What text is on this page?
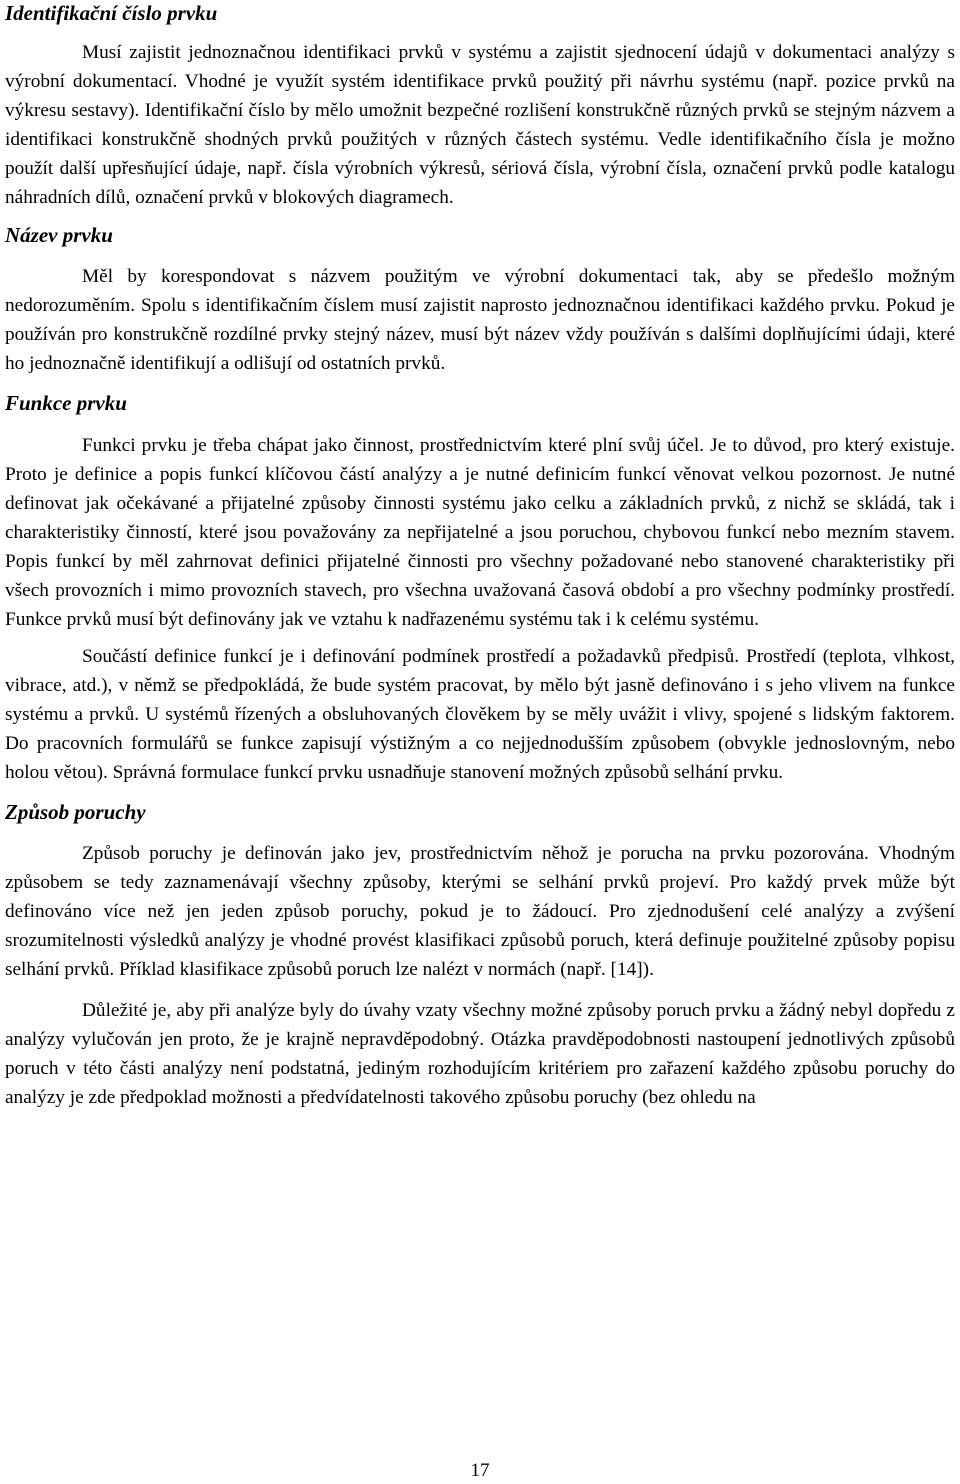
Identifikační číslo prvku

Musí zajistit jednoznačnou identifikaci prvků v systému a zajistit sjednocení údajů v dokumentaci analýzy s výrobní dokumentací. Vhodné je využít systém identifikace prvků použitý při návrhu systému (např. pozice prvků na výkresu sestavy). Identifikační číslo by mělo umožnit bezpečné rozlišení konstrukčně různých prvků se stejným názvem a identifikaci konstrukčně shodných prvků použitých v různých částech systému. Vedle identifikačního čísla je možno použít další upřesňující údaje, např. čísla výrobních výkresů, sériová čísla, výrobní čísla, označení prvků podle katalogu náhradních dílů, označení prvků v blokových diagramech.

Název prvku

Měl by korespondovat s názvem použitým ve výrobní dokumentaci tak, aby se předešlo možným nedorozuměním. Spolu s identifikačním číslem musí zajistit naprosto jednoznačnou identifikaci každého prvku. Pokud je používán pro konstrukčně rozdílné prvky stejný název, musí být název vždy používán s dalšími doplňujícími údaji, které ho jednoznačně identifikují a odlišují od ostatních prvků.

Funkce prvku

Funkci prvku je třeba chápat jako činnost, prostřednictvím které plní svůj účel. Je to důvod, pro který existuje. Proto je definice a popis funkcí klíčovou částí analýzy a je nutné definicím funkcí věnovat velkou pozornost. Je nutné definovat jak očekávané a přijatelné způsoby činnosti systému jako celku a základních prvků, z nichž se skládá, tak i charakteristiky činností, které jsou považovány za nepřijatelné a jsou poruchou, chybovou funkcí nebo mezním stavem. Popis funkcí by měl zahrnovat definici přijatelné činnosti pro všechny požadované nebo stanovené charakteristiky při všech provozních i mimo provozních stavech, pro všechna uvažovaná časová období a pro všechny podmínky prostředí. Funkce prvků musí být definovány jak ve vztahu k nadřazenému systému tak i k celému systému.

Součástí definice funkcí je i definování podmínek prostředí a požadavků předpisů. Prostředí (teplota, vlhkost, vibrace, atd.), v němž se předpokládá, že bude systém pracovat, by mělo být jasně definováno i s jeho vlivem na funkce systému a prvků. U systémů řízených a obsluhovaných člověkem by se měly uvážit i vlivy, spojené s lidským faktorem. Do pracovních formulářů se funkce zapisují výstižným a co nejjednodušším způsobem (obvykle jednoslovným, nebo holou větou). Správná formulace funkcí prvku usnadňuje stanovení možných způsobů selhání prvku.

Způsob poruchy

Způsob poruchy je definován jako jev, prostřednictvím něhož je porucha na prvku pozorována. Vhodným způsobem se tedy zaznamenávají všechny způsoby, kterými se selhání prvků projeví. Pro každý prvek může být definováno více než jen jeden způsob poruchy, pokud je to žádoucí. Pro zjednodušení celé analýzy a zvýšení srozumitelnosti výsledků analýzy je vhodné provést klasifikaci způsobů poruch, která definuje použitelné způsoby popisu selhání prvků. Příklad klasifikace způsobů poruch lze nalézt v normách (např. [14]).

Důležité je, aby při analýze byly do úvahy vzaty všechny možné způsoby poruch prvku a žádný nebyl dopředu z analýzy vylučován jen proto, že je krajně nepravděpodobný. Otázka pravděpodobnosti nastoupení jednotlivých způsobů poruch v této části analýzy není podstatná, jediným rozhodujícím kritériem pro zařazení každého způsobu poruchy do analýzy je zde předpoklad možnosti a předvídatelnosti takového způsobu poruchy (bez ohledu na

17
